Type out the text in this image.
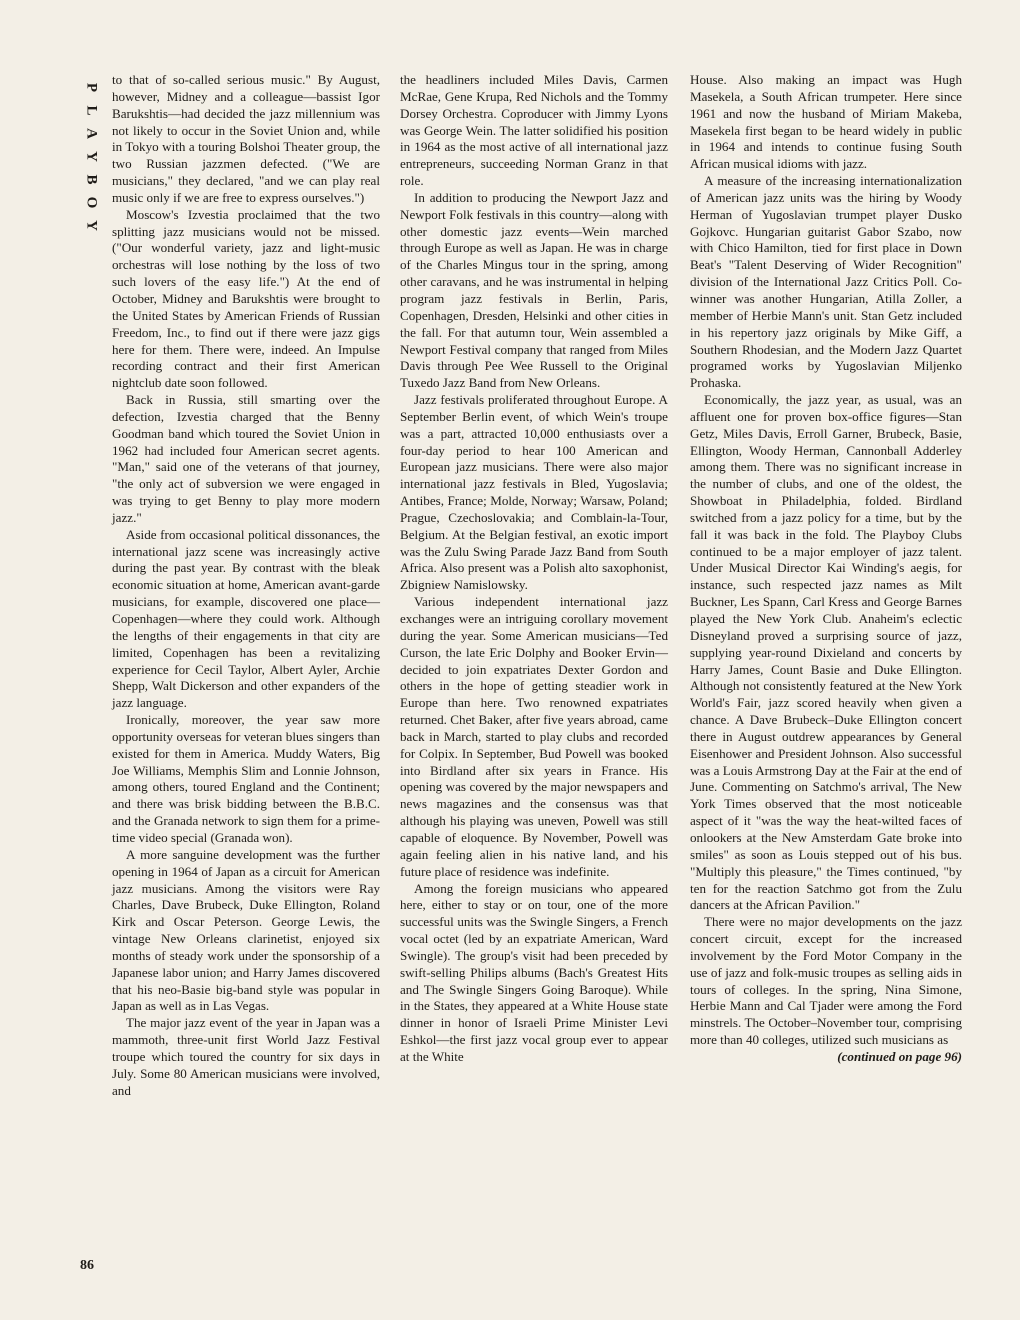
P
L
A
Y
B
O
Y
86

to that of so-called serious music." By August, however, Midney and a colleague—bassist Igor Barukshtis—had decided the jazz millennium was not likely to occur in the Soviet Union and, while in Tokyo with a touring Bolshoi Theater group, the two Russian jazzmen defected. ("We are musicians," they declared, "and we can play real music only if we are free to express ourselves.")

Moscow's Izvestia proclaimed that the two splitting jazz musicians would not be missed. ("Our wonderful variety, jazz and light-music orchestras will lose nothing by the loss of two such lovers of the easy life.") At the end of October, Midney and Barukshtis were brought to the United States by American Friends of Russian Freedom, Inc., to find out if there were jazz gigs here for them. There were, indeed. An Impulse recording contract and their first American nightclub date soon followed.

Back in Russia, still smarting over the defection, Izvestia charged that the Benny Goodman band which toured the Soviet Union in 1962 had included four American secret agents. "Man," said one of the veterans of that journey, "the only act of subversion we were engaged in was trying to get Benny to play more modern jazz."

Aside from occasional political dissonances, the international jazz scene was increasingly active during the past year. By contrast with the bleak economic situation at home, American avant-garde musicians, for example, discovered one place—Copenhagen—where they could work. Although the lengths of their engagements in that city are limited, Copenhagen has been a revitalizing experience for Cecil Taylor, Albert Ayler, Archie Shepp, Walt Dickerson and other expanders of the jazz language.

Ironically, moreover, the year saw more opportunity overseas for veteran blues singers than existed for them in America. Muddy Waters, Big Joe Williams, Memphis Slim and Lonnie Johnson, among others, toured England and the Continent; and there was brisk bidding between the B.B.C. and the Granada network to sign them for a prime-time video special (Granada won).

A more sanguine development was the further opening in 1964 of Japan as a circuit for American jazz musicians. Among the visitors were Ray Charles, Dave Brubeck, Duke Ellington, Roland Kirk and Oscar Peterson. George Lewis, the vintage New Orleans clarinetist, enjoyed six months of steady work under the sponsorship of a Japanese labor union; and Harry James discovered that his neo-Basie big-band style was popular in Japan as well as in Las Vegas.

The major jazz event of the year in Japan was a mammoth, three-unit first World Jazz Festival troupe which toured the country for six days in July. Some 80 American musicians were involved, and

the headliners included Miles Davis, Carmen McRae, Gene Krupa, Red Nichols and the Tommy Dorsey Orchestra. Coproducer with Jimmy Lyons was George Wein. The latter solidified his position in 1964 as the most active of all international jazz entrepreneurs, succeeding Norman Granz in that role.

In addition to producing the Newport Jazz and Newport Folk festivals in this country—along with other domestic jazz events—Wein marched through Europe as well as Japan. He was in charge of the Charles Mingus tour in the spring, among other caravans, and he was instrumental in helping program jazz festivals in Berlin, Paris, Copenhagen, Dresden, Helsinki and other cities in the fall. For that autumn tour, Wein assembled a Newport Festival company that ranged from Miles Davis through Pee Wee Russell to the Original Tuxedo Jazz Band from New Orleans.

Jazz festivals proliferated throughout Europe. A September Berlin event, of which Wein's troupe was a part, attracted 10,000 enthusiasts over a four-day period to hear 100 American and European jazz musicians. There were also major international jazz festivals in Bled, Yugoslavia; Antibes, France; Molde, Norway; Warsaw, Poland; Prague, Czechoslovakia; and Comblain-la-Tour, Belgium. At the Belgian festival, an exotic import was the Zulu Swing Parade Jazz Band from South Africa. Also present was a Polish alto saxophonist, Zbigniew Namislowsky.

Various independent international jazz exchanges were an intriguing corollary movement during the year. Some American musicians—Ted Curson, the late Eric Dolphy and Booker Ervin—decided to join expatriates Dexter Gordon and others in the hope of getting steadier work in Europe than here. Two renowned expatriates returned. Chet Baker, after five years abroad, came back in March, started to play clubs and recorded for Colpix. In September, Bud Powell was booked into Birdland after six years in France. His opening was covered by the major newspapers and news magazines and the consensus was that although his playing was uneven, Powell was still capable of eloquence. By November, Powell was again feeling alien in his native land, and his future place of residence was indefinite.

Among the foreign musicians who appeared here, either to stay or on tour, one of the more successful units was the Swingle Singers, a French vocal octet (led by an expatriate American, Ward Swingle). The group's visit had been preceded by swift-selling Philips albums (Bach's Greatest Hits and The Swingle Singers Going Baroque). While in the States, they appeared at a White House state dinner in honor of Israeli Prime Minister Levi Eshkol—the first jazz vocal group ever to appear at the White

House. Also making an impact was Hugh Masekela, a South African trumpeter. Here since 1961 and now the husband of Miriam Makeba, Masekela first began to be heard widely in public in 1964 and intends to continue fusing South African musical idioms with jazz.

A measure of the increasing internationalization of American jazz units was the hiring by Woody Herman of Yugoslavian trumpet player Dusko Gojkovc. Hungarian guitarist Gabor Szabo, now with Chico Hamilton, tied for first place in Down Beat's "Talent Deserving of Wider Recognition" division of the International Jazz Critics Poll. Co-winner was another Hungarian, Atilla Zoller, a member of Herbie Mann's unit. Stan Getz included in his repertory jazz originals by Mike Giff, a Southern Rhodesian, and the Modern Jazz Quartet programed works by Yugoslavian Miljenko Prohaska.

Economically, the jazz year, as usual, was an affluent one for proven box-office figures—Stan Getz, Miles Davis, Erroll Garner, Brubeck, Basie, Ellington, Woody Herman, Cannonball Adderley among them. There was no significant increase in the number of clubs, and one of the oldest, the Showboat in Philadelphia, folded. Birdland switched from a jazz policy for a time, but by the fall it was back in the fold. The Playboy Clubs continued to be a major employer of jazz talent. Under Musical Director Kai Winding's aegis, for instance, such respected jazz names as Milt Buckner, Les Spann, Carl Kress and George Barnes played the New York Club. Anaheim's eclectic Disneyland proved a surprising source of jazz, supplying year-round Dixieland and concerts by Harry James, Count Basie and Duke Ellington. Although not consistently featured at the New York World's Fair, jazz scored heavily when given a chance. A Dave Brubeck–Duke Ellington concert there in August outdrew appearances by General Eisenhower and President Johnson. Also successful was a Louis Armstrong Day at the Fair at the end of June. Commenting on Satchmo's arrival, The New York Times observed that the most noticeable aspect of it "was the way the heat-wilted faces of onlookers at the New Amsterdam Gate broke into smiles" as soon as Louis stepped out of his bus. "Multiply this pleasure," the Times continued, "by ten for the reaction Satchmo got from the Zulu dancers at the African Pavilion."

There were no major developments on the jazz concert circuit, except for the increased involvement by the Ford Motor Company in the use of jazz and folk-music troupes as selling aids in tours of colleges. In the spring, Nina Simone, Herbie Mann and Cal Tjader were among the Ford minstrels. The October–November tour, comprising more than 40 colleges, utilized such musicians as

(continued on page 96)
